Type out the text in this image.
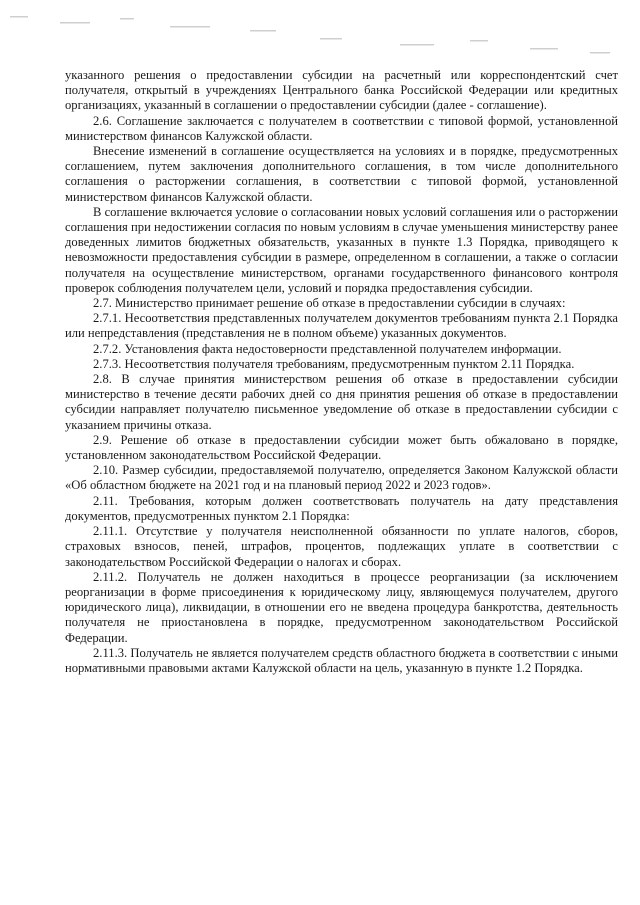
указанного решения о предоставлении субсидии на расчетный или корреспондентский счет получателя, открытый в учреждениях Центрального банка Российской Федерации или кредитных организациях, указанный в соглашении о предоставлении субсидии (далее - соглашение).

2.6. Соглашение заключается с получателем в соответствии с типовой формой, установленной министерством финансов Калужской области.

Внесение изменений в соглашение осуществляется на условиях и в порядке, предусмотренных соглашением, путем заключения дополнительного соглашения, в том числе дополнительного соглашения о расторжении соглашения, в соответствии с типовой формой, установленной министерством финансов Калужской области.

В соглашение включается условие о согласовании новых условий соглашения или о расторжении соглашения при недостижении согласия по новым условиям в случае уменьшения министерству ранее доведенных лимитов бюджетных обязательств, указанных в пункте 1.3 Порядка, приводящего к невозможности предоставления субсидии в размере, определенном в соглашении, а также о согласии получателя на осуществление министерством, органами государственного финансового контроля проверок соблюдения получателем цели, условий и порядка предоставления субсидии.

2.7. Министерство принимает решение об отказе в предоставлении субсидии в случаях:

2.7.1. Несоответствия представленных получателем документов требованиям пункта 2.1 Порядка или непредставления (представления не в полном объеме) указанных документов.

2.7.2. Установления факта недостоверности представленной получателем информации.

2.7.3. Несоответствия получателя требованиям, предусмотренным пунктом 2.11 Порядка.

2.8. В случае принятия министерством решения об отказе в предоставлении субсидии министерство в течение десяти рабочих дней со дня принятия решения об отказе в предоставлении субсидии направляет получателю письменное уведомление об отказе в предоставлении субсидии с указанием причины отказа.

2.9. Решение об отказе в предоставлении субсидии может быть обжаловано в порядке, установленном законодательством Российской Федерации.

2.10. Размер субсидии, предоставляемой получателю, определяется Законом Калужской области «Об областном бюджете на 2021 год и на плановый период 2022 и 2023 годов».

2.11. Требования, которым должен соответствовать получатель на дату представления документов, предусмотренных пунктом 2.1 Порядка:

2.11.1. Отсутствие у получателя неисполненной обязанности по уплате налогов, сборов, страховых взносов, пеней, штрафов, процентов, подлежащих уплате в соответствии с законодательством Российской Федерации о налогах и сборах.

2.11.2. Получатель не должен находиться в процессе реорганизации (за исключением реорганизации в форме присоединения к юридическому лицу, являющемуся получателем, другого юридического лица), ликвидации, в отношении его не введена процедура банкротства, деятельность получателя не приостановлена в порядке, предусмотренном законодательством Российской Федерации.

2.11.3. Получатель не является получателем средств областного бюджета в соответствии с иными нормативными правовыми актами Калужской области на цель, указанную в пункте 1.2 Порядка.
